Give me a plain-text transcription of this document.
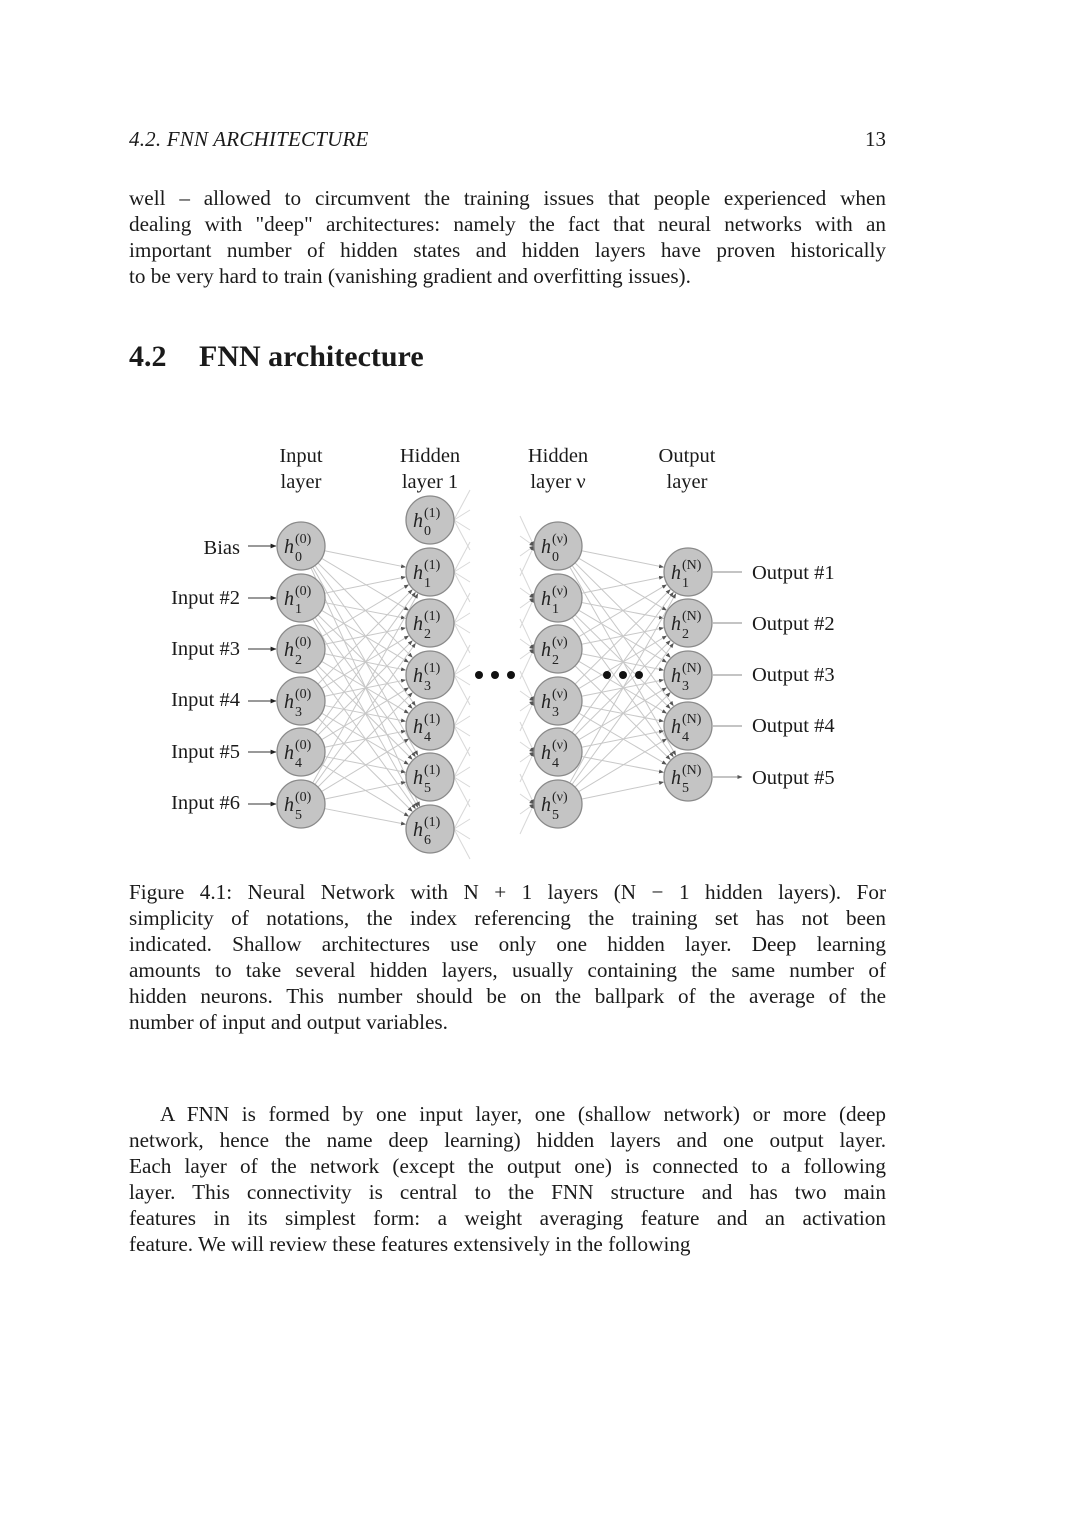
4.2. FNN ARCHITECTURE	13
well – allowed to circumvent the training issues that people experienced when
dealing with "deep" architectures: namely the fact that neural networks with an
important number of hidden states and hidden layers have proven historically
to be very hard to train (vanishing gradient and overfitting issues).
4.2 FNN architecture
Input
layer
Hidden
layer 1
Hidden
layer ν
Output
layer
Bias
Input #2
Input #3
Input #4
Input #5
Input #6
Output #1
Output #2
Output #3
Output #4
Output #5
h 0
(0)
h 1
(0)
h 2
(0)
h 3
(0)
h 4
(0)
h 5
(0)
h 0
(1)
h 1
(1)
h 2
(1)
h 3
(1)
h 4
(1)
h 5
(1)
h 6
(1)
h 0
(ν)
h 1
(ν)
h 2
(ν)
h 3
(ν)
h 4
(ν)
h 5
(ν)
h 1
(N)
h 2
(N)
h 3
(N)
h 4
(N)
h 5
(N)
Figure 4.1: Neural Network with N + 1 layers (N − 1 hidden layers). For
simplicity of notations, the index referencing the training set has not been
indicated. Shallow architectures use only one hidden layer. Deep learning
amounts to take several hidden layers, usually containing the same number of
hidden neurons. This number should be on the ballpark of the average of the
number of input and output variables.
A FNN is formed by one input layer, one (shallow network) or more (deep
network, hence the name deep learning) hidden layers and one output layer.
Each layer of the network (except the output one) is connected to a following
layer. This connectivity is central to the FNN structure and has two main
features in its simplest form: a weight averaging feature and an activation
feature. We will review these features extensively in the following
